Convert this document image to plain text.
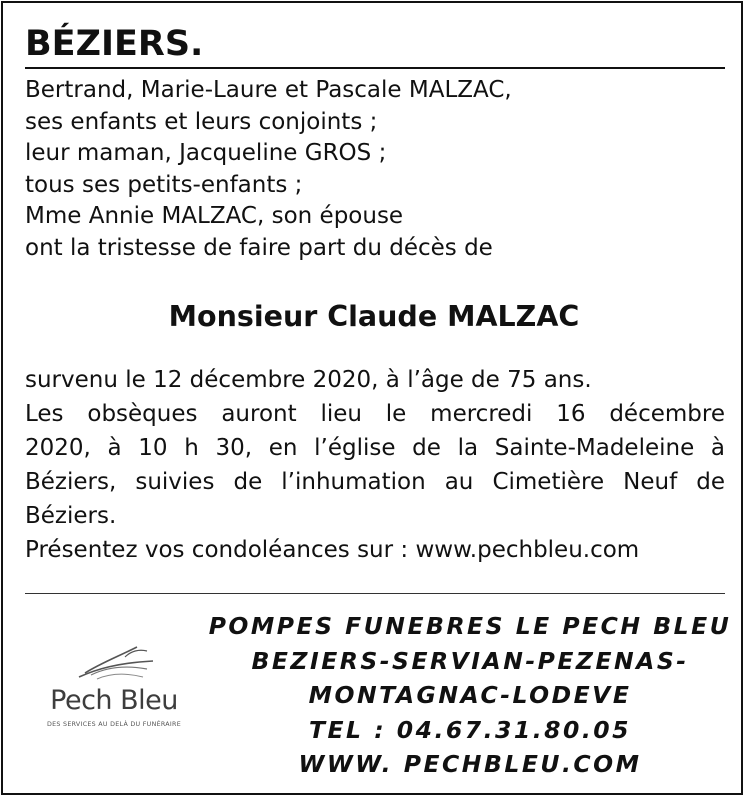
BÉZIERS.
Bertrand, Marie-Laure et Pascale MALZAC,
ses enfants et leurs conjoints ;
leur maman, Jacqueline GROS ;
tous ses petits-enfants ;
Mme Annie MALZAC, son épouse
ont la tristesse de faire part du décès de
Monsieur Claude MALZAC
survenu le 12 décembre 2020, à l’âge de 75 ans.
Les obsèques auront lieu le mercredi 16 décembre
2020, à 10 h 30, en l’église de la Sainte-Madeleine à
Béziers, suivies de l’inhumation au Cimetière Neuf de
Béziers.
Présentez vos condoléances sur : www.pechbleu.com
Pech Bleu
DES SERVICES AU DELÀ DU FUNÉRAIRE
POMPES FUNEBRES LE PECH BLEU
BEZIERS-SERVIAN-PEZENAS-
MONTAGNAC-LODEVE
TEL : 04.67.31.80.05
WWW. PECHBLEU.COM
